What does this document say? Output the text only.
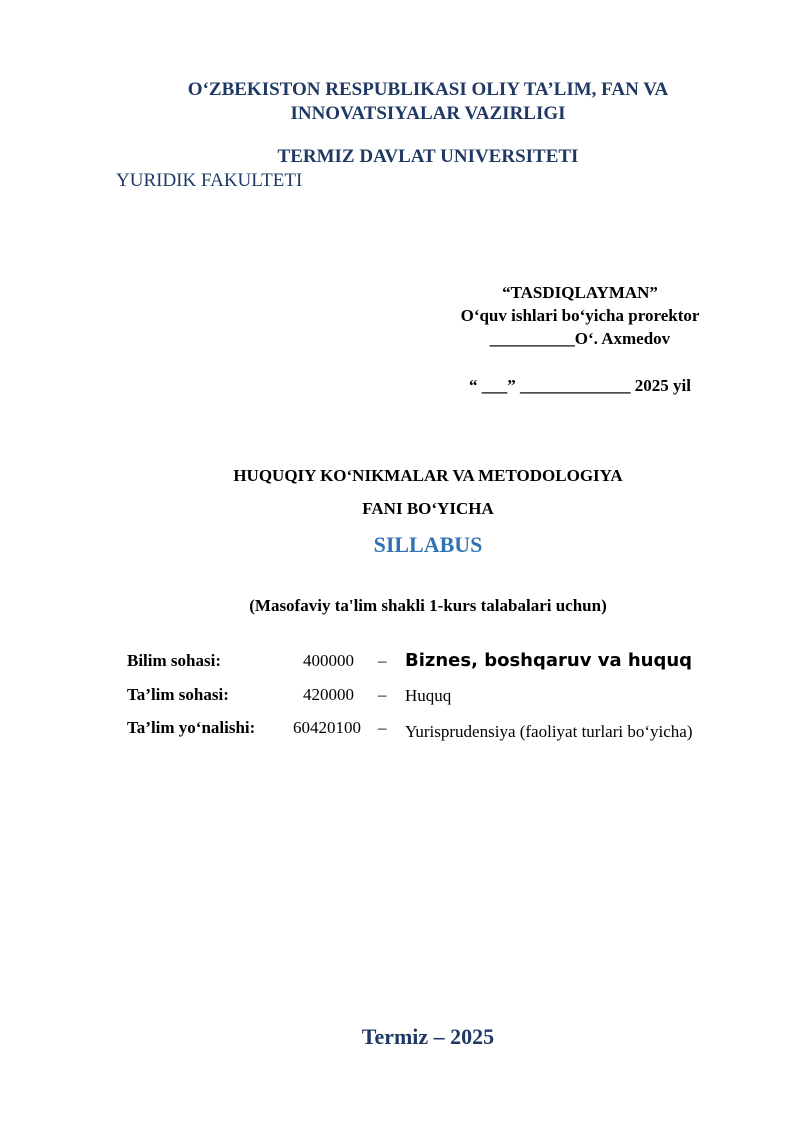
O‘ZBEKISTON RESPUBLIKASI OLIY TA’LIM, FAN VA
INNOVATSIYALAR VAZIRLIGI
TERMIZ DAVLAT UNIVERSITETI
YURIDIK FAKULTETI
“TASDIQLAYMAN”
O‘quv ishlari bo‘yicha prorektor
__________O‘. Axmedov
“ ___” _____________ 2025 yil
HUQUQIY KO‘NIKMALAR VA METODOLOGIYA
FANI BO‘YICHA
SILLABUS
(Masofaviy ta'lim shakli 1-kurs talabalari uchun)
Bilim sohasi:	400000 – Biznes, boshqaruv va huquq
Ta’lim sohasi:	420000 – Huquq
Ta’lim yo‘nalishi:	60420100 – Yurisprudensiya (faoliyat turlari bo‘yicha)
Termiz – 2025
